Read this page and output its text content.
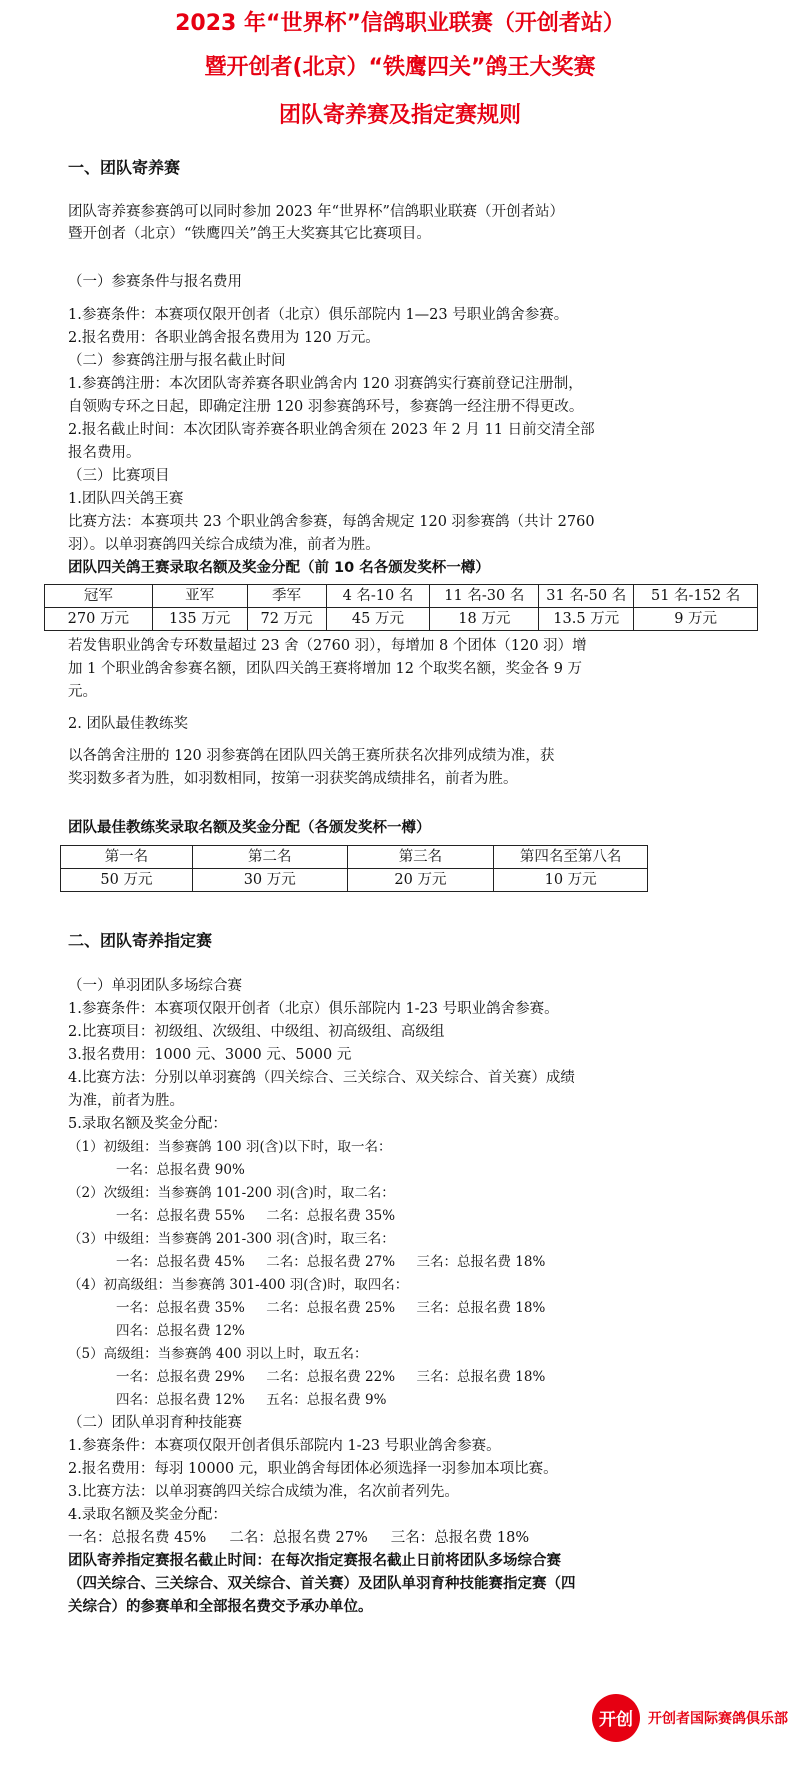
2023 年“世界杯”信鸽职业联赛（开创者站）
暨开创者(北京）“铁鹰四关”鸽王大奖赛
团队寄养赛及指定赛规则
一、团队寄养赛
团队寄养赛参赛鸽可以同时参加 2023 年“世界杯”信鸽职业联赛（开创者站）
暨开创者（北京）“铁鹰四关”鸽王大奖赛其它比赛项目。
（一）参赛条件与报名费用
1.参赛条件：本赛项仅限开创者（北京）俱乐部院内 1—23 号职业鸽舍参赛。
2.报名费用：各职业鸽舍报名费用为 120 万元。
（二）参赛鸽注册与报名截止时间
1.参赛鸽注册：本次团队寄养赛各职业鸽舍内 120 羽赛鸽实行赛前登记注册制，
自领购专环之日起，即确定注册 120 羽参赛鸽环号，参赛鸽一经注册不得更改。
2.报名截止时间：本次团队寄养赛各职业鸽舍须在 2023 年 2 月 11 日前交清全部
报名费用。
（三）比赛项目
1.团队四关鸽王赛
比赛方法：本赛项共 23 个职业鸽舍参赛，每鸽舍规定 120 羽参赛鸽（共计 2760
羽）。以单羽赛鸽四关综合成绩为准，前者为胜。
团队四关鸽王赛录取名额及奖金分配（前 10 名各颁发奖杯一樽）
冠军	亚军	季军	4 名-10 名	11 名-30 名	31 名-50 名	51 名-152 名
270 万元	135 万元	72 万元	45 万元	18 万元	13.5 万元	9 万元
若发售职业鸽舍专环数量超过 23 舍（2760 羽），每增加 8 个团体（120 羽）增
加 1 个职业鸽舍参赛名额，团队四关鸽王赛将增加 12 个取奖名额，奖金各 9 万
元。
2. 团队最佳教练奖
以各鸽舍注册的 120 羽参赛鸽在团队四关鸽王赛所获名次排列成绩为准，获
奖羽数多者为胜，如羽数相同，按第一羽获奖鸽成绩排名，前者为胜。
团队最佳教练奖录取名额及奖金分配（各颁发奖杯一樽）
第一名	第二名	第三名	第四名至第八名
50 万元	30 万元	20 万元	10 万元
二、团队寄养指定赛
（一）单羽团队多场综合赛
1.参赛条件：本赛项仅限开创者（北京）俱乐部院内 1-23 号职业鸽舍参赛。
2.比赛项目：初级组、次级组、中级组、初高级组、高级组
3.报名费用：1000 元、3000 元、5000 元
4.比赛方法：分别以单羽赛鸽（四关综合、三关综合、双关综合、首关赛）成绩
为准，前者为胜。
5.录取名额及奖金分配：
（1）初级组：当参赛鸽 100 羽(含)以下时，取一名：
一名：总报名费 90%
（2）次级组：当参赛鸽 101-200 羽(含)时，取二名：
一名：总报名费 55%     二名：总报名费 35%
（3）中级组：当参赛鸽 201-300 羽(含)时，取三名：
一名：总报名费 45%     二名：总报名费 27%     三名：总报名费 18%
（4）初高级组：当参赛鸽 301-400 羽(含)时，取四名：
一名：总报名费 35%     二名：总报名费 25%     三名：总报名费 18%
四名：总报名费 12%
（5）高级组：当参赛鸽 400 羽以上时，取五名：
一名：总报名费 29%     二名：总报名费 22%     三名：总报名费 18%
四名：总报名费 12%     五名：总报名费 9%
（二）团队单羽育种技能赛
1.参赛条件：本赛项仅限开创者俱乐部院内 1-23 号职业鸽舍参赛。
2.报名费用：每羽 10000 元，职业鸽舍每团体必须选择一羽参加本项比赛。
3.比赛方法：以单羽赛鸽四关综合成绩为准，名次前者列先。
4.录取名额及奖金分配：
一名：总报名费 45%     二名：总报名费 27%     三名：总报名费 18%
团队寄养指定赛报名截止时间：在每次指定赛报名截止日前将团队多场综合赛
（四关综合、三关综合、双关综合、首关赛）及团队单羽育种技能赛指定赛（四
关综合）的参赛单和全部报名费交予承办单位。
开创 开创者国际赛鸽俱乐部
